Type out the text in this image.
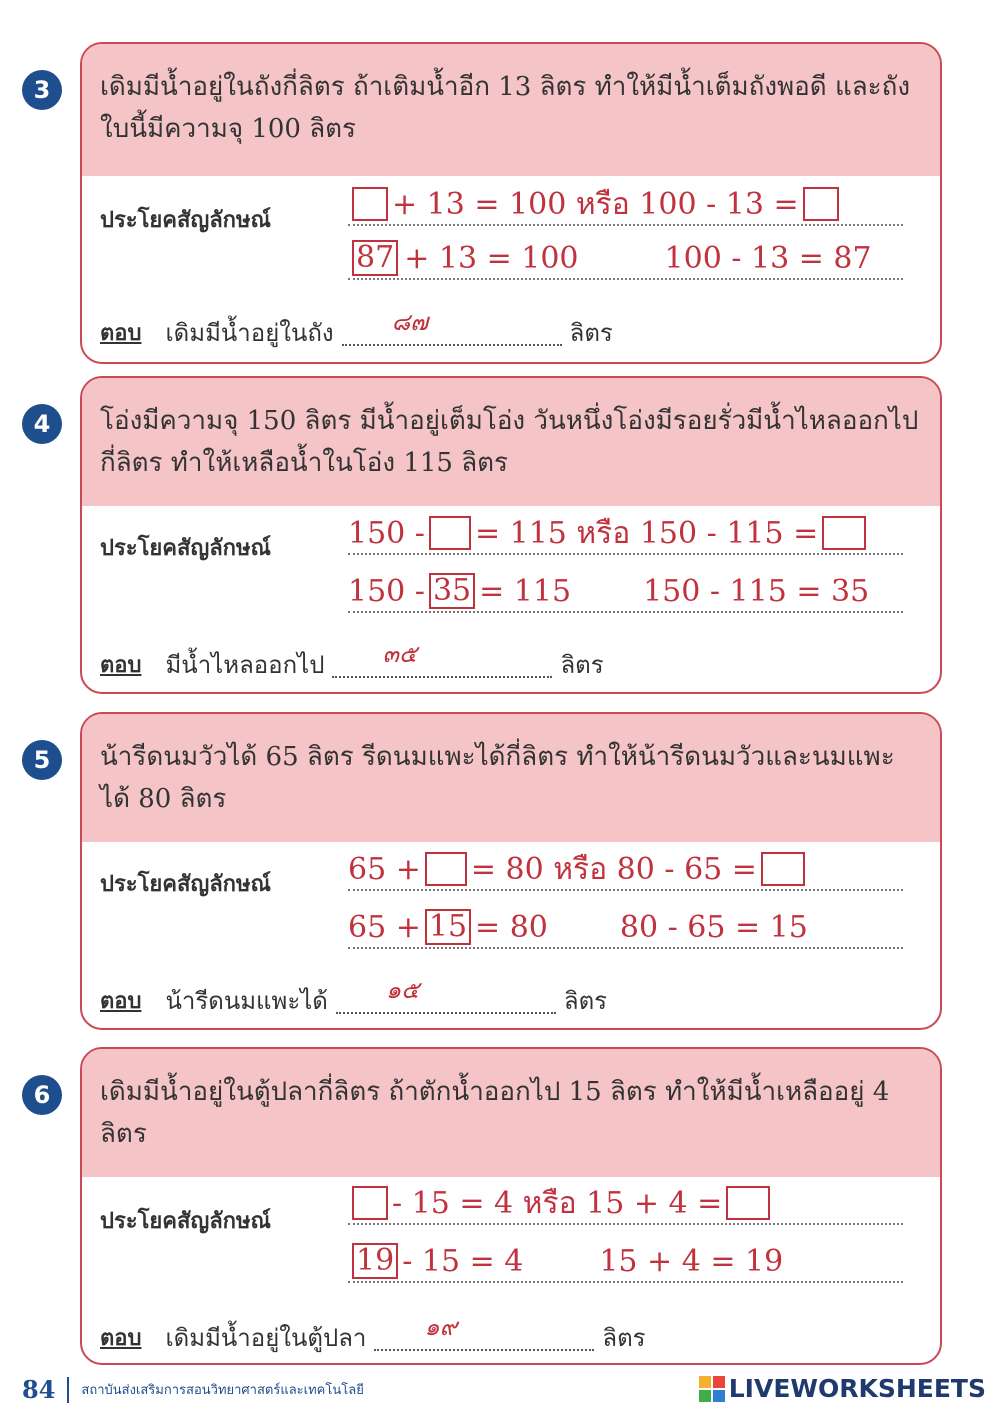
3	เดิมมีน้ำอยู่ในถังกี่ลิตร ถ้าเติมน้ำอีก 13 ลิตร ทำให้มีน้ำเต็มถังพอดี และถังใบนี้มีความจุ 100 ลิตร
ประโยคสัญลักษณ์	+ 13 = 100 หรือ 100 - 13 =
87 + 13 = 100	100 - 13 = 87
ตอบ เดิมมีน้ำอยู่ในถัง ๘๗	ลิตร
4	โอ่งมีความจุ 150 ลิตร มีน้ำอยู่เต็มโอ่ง วันหนึ่งโอ่งมีรอยรั่วมีน้ำไหลออกไปกี่ลิตร ทำให้เหลือน้ำในโอ่ง 115 ลิตร
ประโยคสัญลักษณ์	150 - = 115 หรือ 150 - 115 =
150 - 35 = 115 150 - 115 = 35
ตอบ มีน้ำไหลออกไป ๓๕	ลิตร
5	น้ารีดนมวัวได้ 65 ลิตร รีดนมแพะได้กี่ลิตร ทำให้น้ารีดนมวัวและนมแพะได้ 80 ลิตร
ประโยคสัญลักษณ์	65 + = 80 หรือ 80 - 65 =
65 + 15 = 80 80 - 65 = 15
ตอบ น้ารีดนมแพะได้ ๑๕	ลิตร
6	เดิมมีน้ำอยู่ในตู้ปลากี่ลิตร ถ้าตักน้ำออกไป 15 ลิตร ทำให้มีน้ำเหลืออยู่ 4 ลิตร
ประโยคสัญลักษณ์
- 15 = 4 หรือ 15 + 4 =
19 - 15 = 4	15 + 4 = 19
ตอบ เดิมมีน้ำอยู่ในตู้ปลา ๑๙	ลิตร
84 สถาบันส่งเสริมการสอนวิทยาศาสตร์และเทคโนโลยี	LIVEWORKSHEETS
